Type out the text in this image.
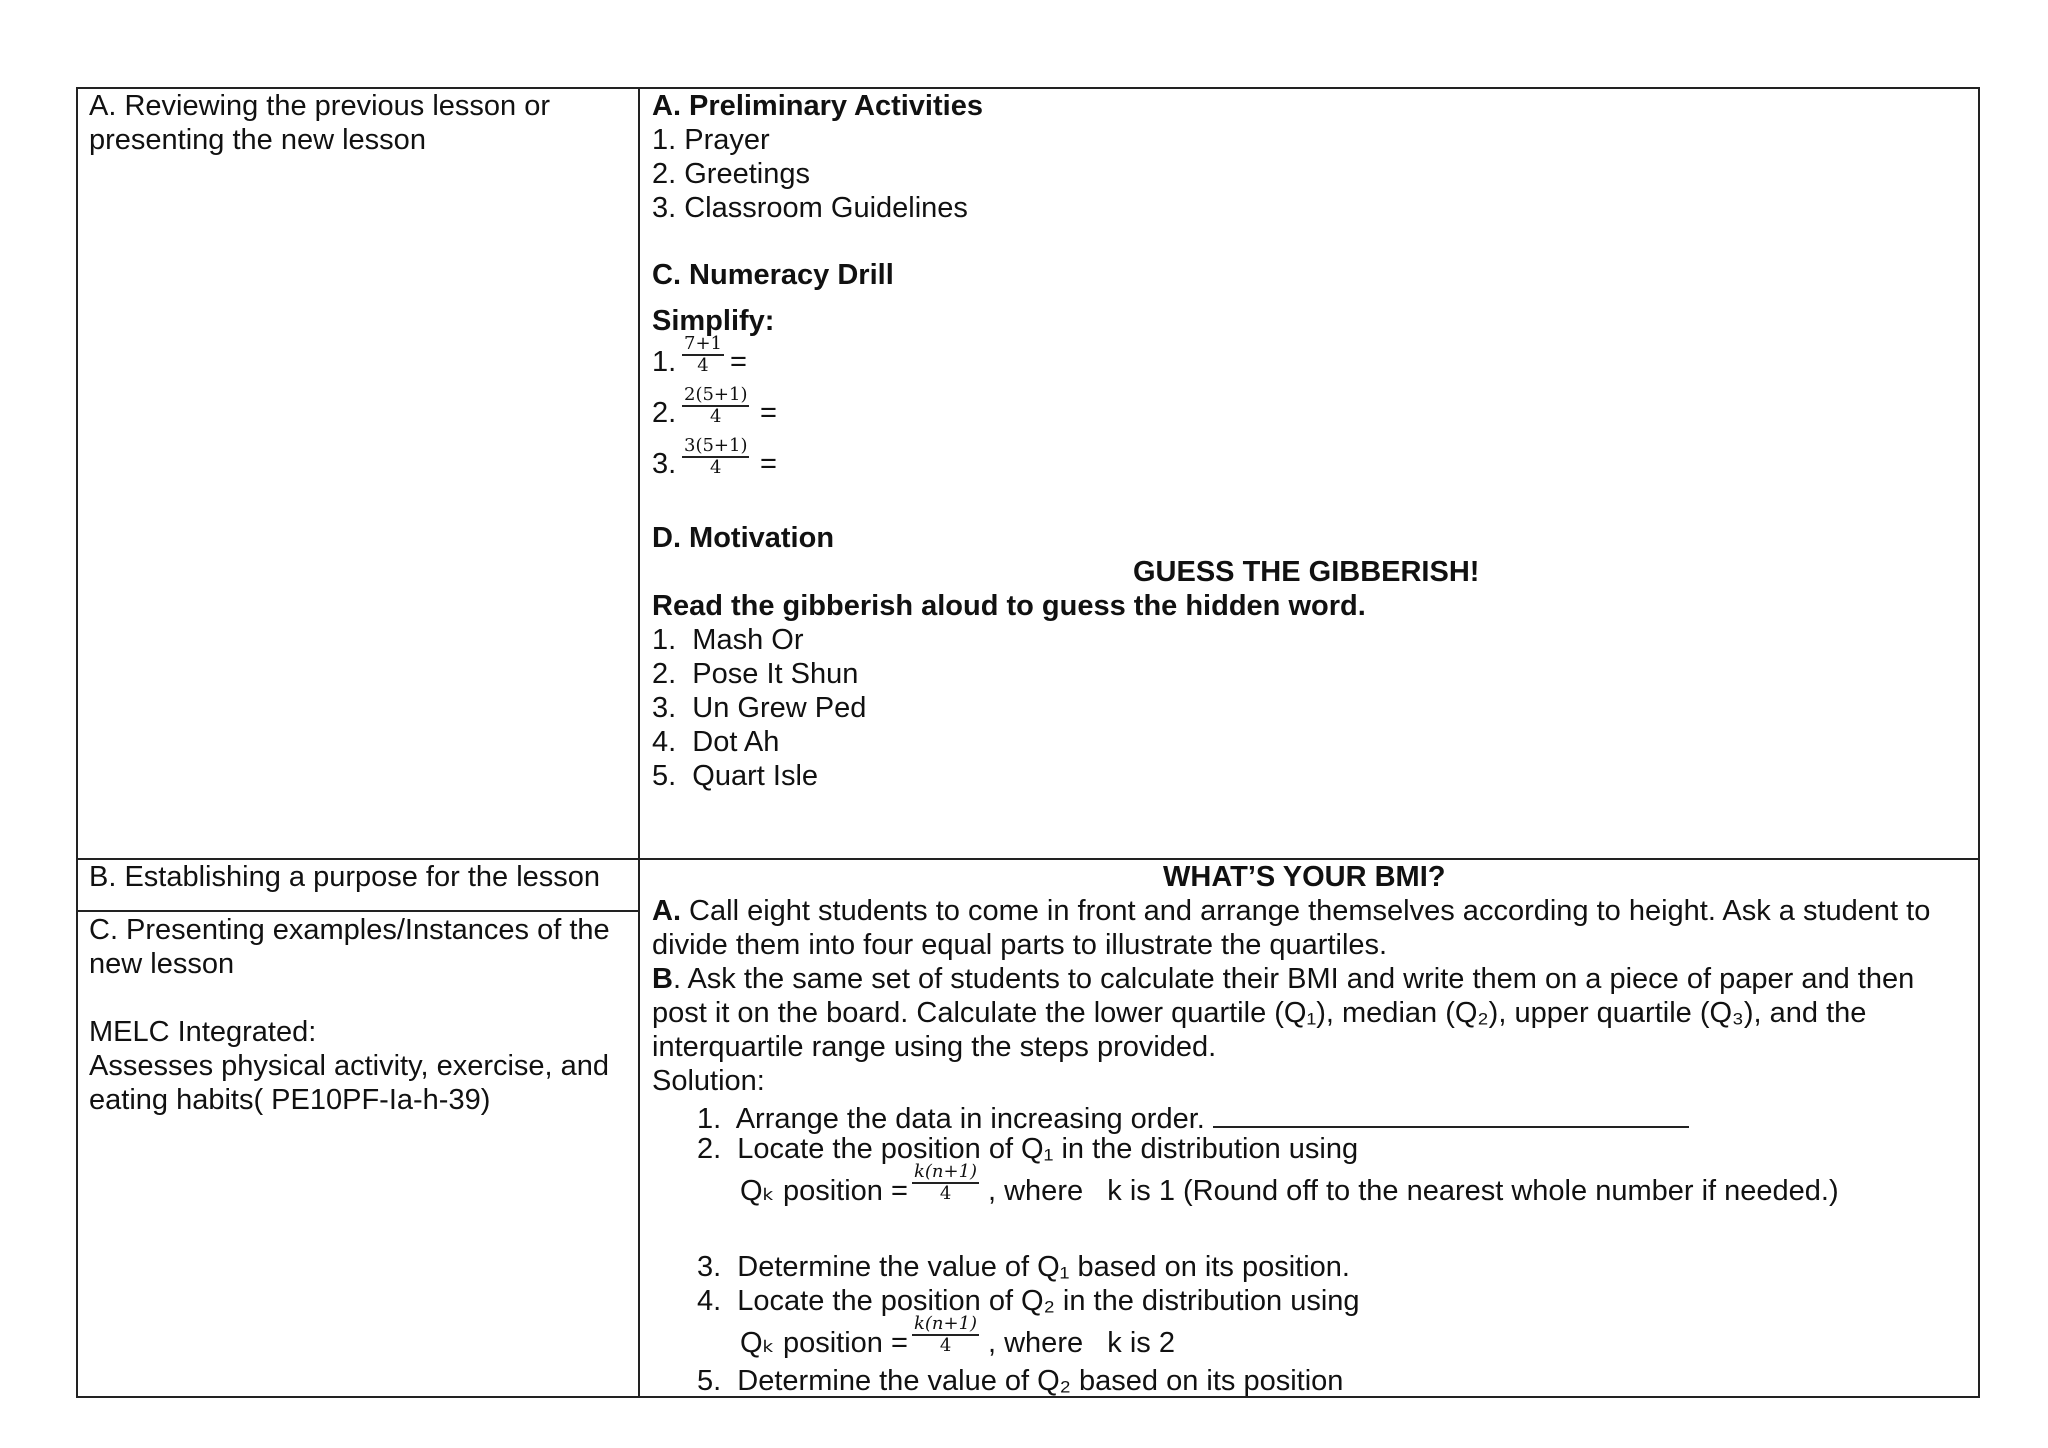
A. Reviewing the previous lesson or
presenting the new lesson
B. Establishing a purpose for the lesson
C. Presenting examples/Instances of the
new lesson
MELC Integrated:
Assesses physical activity, exercise, and
eating habits( PE10PF-Ia-h-39)
A. Preliminary Activities
1. Prayer
2. Greetings
3. Classroom Guidelines
C. Numeracy Drill
Simplify:
1. $\frac{7+1}{4}$ =
2. $\frac{2(5+1)}{4}$ =
3. $\frac{3(5+1)}{4}$ =
D. Motivation
GUESS THE GIBBERISH!
Read the gibberish aloud to guess the hidden word.
1.  Mash Or
2.  Pose It Shun
3.  Un Grew Ped
4.  Dot Ah
5.  Quart Isle
WHAT’S YOUR BMI?
A. Call eight students to come in front and arrange themselves according to height. Ask a student to
divide them into four equal parts to illustrate the quartiles.
B. Ask the same set of students to calculate their BMI and write them on a piece of paper and then
post it on the board. Calculate the lower quartile (Q₁), median (Q₂), upper quartile (Q₃), and the
interquartile range using the steps provided.
Solution:
1.  Arrange the data in increasing order.
2.  Locate the position of Q₁ in the distribution using
Qₖ position =
$\frac{k(n+1)}{4}$ , where   k is 1 (Round off to the nearest whole number if needed.)
3.  Determine the value of Q₁ based on its position.
4.  Locate the position of Q₂ in the distribution using
Qₖ position =
$\frac{k(n+1)}{4}$ , where   k is 2
5.  Determine the value of Q₂ based on its position
